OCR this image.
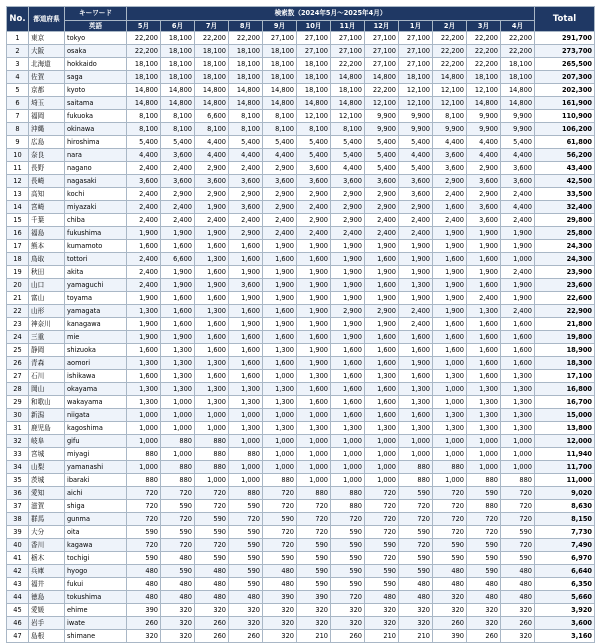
No.	都道府県	キーワード	検索数（2024年5月〜2025年4月）												Total
		英語	5月	6月	7月	8月	9月	10月	11月	12月	1月	2月	3月	4月	
1	東京	tokyo	22,200	18,100	22,200	22,200	27,100	27,100	27,100	27,100	27,100	22,200	22,200	22,200	291,700
2	大阪	osaka	22,200	18,100	18,100	18,100	18,100	27,100	27,100	27,100	27,100	22,200	22,200	22,200	273,700
3	北海道	hokkaido	18,100	18,100	18,100	18,100	18,100	18,100	22,200	27,100	27,100	22,200	22,200	18,100	265,500
4	佐賀	saga	18,100	18,100	18,100	18,100	18,100	18,100	14,800	14,800	18,100	14,800	18,100	18,100	207,300
5	京都	kyoto	14,800	14,800	14,800	14,800	14,800	18,100	18,100	22,200	12,100	12,100	12,100	14,800	202,300
6	埼玉	saitama	14,800	14,800	14,800	14,800	14,800	14,800	14,800	12,100	12,100	12,100	14,800	14,800	161,900
7	福岡	fukuoka	8,100	8,100	6,600	8,100	8,100	12,100	12,100	9,900	9,900	8,100	9,900	9,900	110,900
8	沖縄	okinawa	8,100	8,100	8,100	8,100	8,100	8,100	8,100	9,900	9,900	9,900	9,900	9,900	106,200
9	広島	hiroshima	5,400	5,400	4,400	5,400	5,400	5,400	5,400	5,400	5,400	4,400	4,400	5,400	61,800
10	奈良	nara	4,400	3,600	4,400	4,400	4,400	5,400	5,400	5,400	4,400	3,600	4,400	4,400	56,200
11	長野	nagano	2,400	2,400	2,900	2,400	2,900	3,600	4,400	5,400	5,400	3,600	2,900	3,600	43,400
12	長崎	nagasaki	3,600	3,600	3,600	3,600	3,600	3,600	3,600	3,600	3,600	2,900	3,600	3,600	42,500
13	高知	kochi	2,400	2,900	2,900	2,900	2,900	2,900	2,900	2,900	3,600	2,400	2,900	2,400	33,500
14	宮崎	miyazaki	2,400	2,400	1,900	3,600	2,900	2,400	2,900	2,900	2,900	1,600	3,600	4,400	32,400
15	千葉	chiba	2,400	2,400	2,400	2,400	2,400	2,900	2,900	2,400	2,400	2,400	3,600	2,400	29,800
16	福島	fukushima	1,900	1,900	1,900	2,900	2,400	2,400	2,400	2,400	2,400	1,900	1,900	1,900	25,800
17	熊本	kumamoto	1,600	1,600	1,600	1,600	1,900	1,900	1,900	1,900	1,900	1,900	1,900	1,900	24,300
18	鳥取	tottori	2,400	6,600	1,300	1,600	1,600	1,600	1,900	1,600	1,900	1,600	1,600	1,000	24,300
19	秋田	akita	2,400	1,900	1,600	1,900	1,900	1,900	1,900	1,900	1,900	1,900	1,900	2,400	23,900
20	山口	yamaguchi	2,400	1,900	1,900	3,600	1,900	1,900	1,900	1,600	1,300	1,900	1,600	1,900	23,600
21	富山	toyama	1,900	1,600	1,600	1,900	1,900	1,900	1,900	1,900	1,900	1,900	2,400	1,900	22,600
22	山形	yamagata	1,300	1,600	1,300	1,600	1,600	1,900	2,900	2,900	2,400	1,900	1,300	2,400	22,900
23	神奈川	kanagawa	1,900	1,600	1,600	1,900	1,900	1,900	1,900	1,900	2,400	1,600	1,600	1,600	21,800
24	三重	mie	1,900	1,900	1,600	1,600	1,600	1,600	1,900	1,600	1,600	1,600	1,600	1,600	19,800
25	静岡	shizuoka	1,600	1,300	1,600	1,600	1,300	1,900	1,600	1,600	1,600	1,600	1,600	1,600	18,900
26	青森	aomori	1,300	1,300	1,300	1,600	1,600	1,900	1,600	1,600	1,900	1,000	1,600	1,600	18,300
27	石川	ishikawa	1,600	1,300	1,600	1,600	1,000	1,300	1,600	1,300	1,600	1,300	1,600	1,300	17,100
28	岡山	okayama	1,300	1,300	1,300	1,300	1,300	1,600	1,600	1,600	1,300	1,000	1,300	1,300	16,800
29	和歌山	wakayama	1,300	1,000	1,300	1,300	1,300	1,600	1,600	1,600	1,300	1,000	1,300	1,300	16,700
30	新潟	niigata	1,000	1,000	1,000	1,000	1,000	1,000	1,600	1,600	1,600	1,300	1,300	1,300	15,000
31	鹿児島	kagoshima	1,000	1,000	1,000	1,300	1,300	1,300	1,300	1,300	1,300	1,300	1,300	1,300	13,800
32	岐阜	gifu	1,000	880	880	1,000	1,000	1,000	1,000	1,000	1,000	1,000	1,000	1,000	12,000
33	宮城	miyagi	880	1,000	880	880	1,000	1,000	1,000	1,000	1,000	1,000	1,000	1,000	11,940
34	山梨	yamanashi	1,000	880	880	1,000	1,000	1,000	1,000	1,000	880	880	1,000	1,000	11,700
35	茨城	ibaraki	880	880	1,000	1,000	880	1,000	1,000	1,000	880	1,000	880	880	11,000
36	愛知	aichi	720	720	720	880	720	880	880	720	590	720	590	720	9,020
37	滋賀	shiga	720	590	720	590	720	720	880	720	720	720	880	720	8,630
38	群馬	gunma	720	720	590	720	590	720	720	720	720	720	720	720	8,150
39	大分	oita	590	590	590	590	720	720	590	720	590	720	720	590	7,730
40	香川	kagawa	720	720	720	590	720	590	590	590	720	590	590	720	7,490
41	栃木	tochigi	590	480	590	590	590	590	590	720	590	590	590	590	6,970
42	兵庫	hyogo	480	590	480	590	480	590	590	590	590	480	590	480	6,640
43	福井	fukui	480	480	480	590	480	590	590	590	480	480	480	480	6,350
44	徳島	tokushima	480	480	480	480	390	390	720	480	480	320	480	480	5,660
45	愛媛	ehime	390	320	320	320	320	320	320	320	320	320	320	320	3,920
46	岩手	iwate	260	320	260	320	320	320	320	320	320	260	320	260	3,600
47	島根	shimane	320	320	260	260	320	210	260	210	210	390	260	320	3,160
